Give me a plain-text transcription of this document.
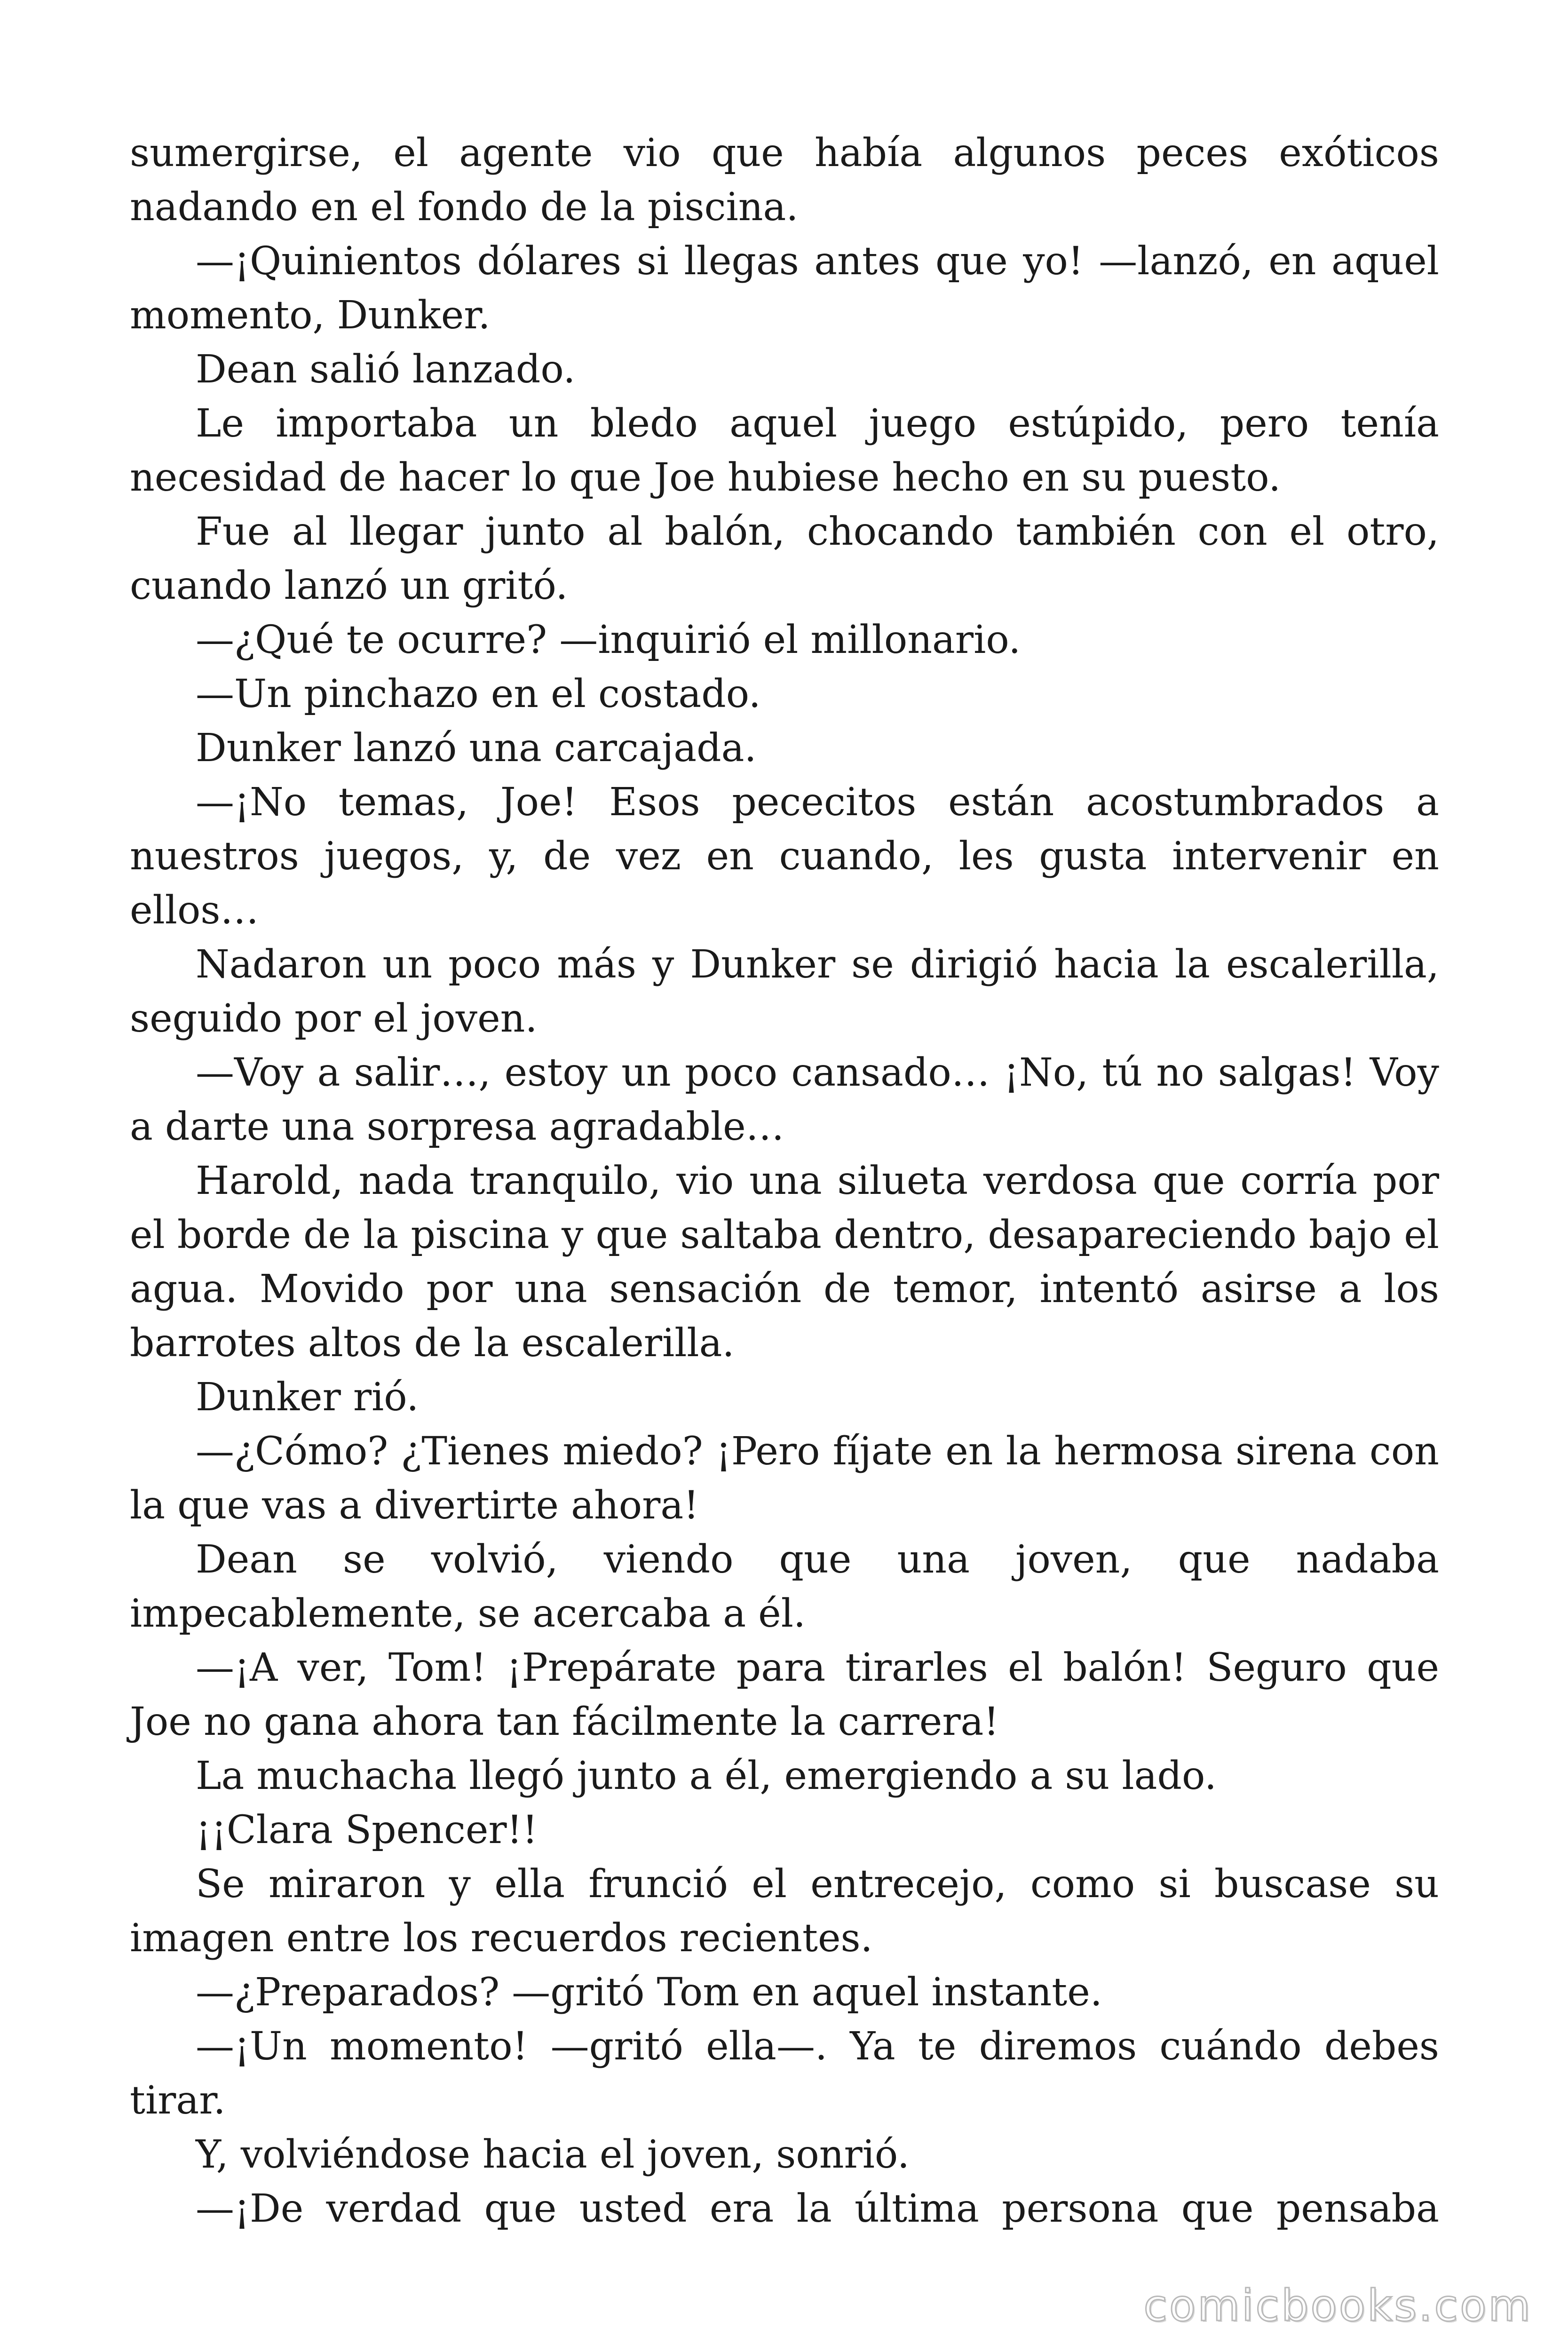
sumergirse, el agente vio que había algunos peces exóticos nadando en el fondo de la piscina.

—¡Quinientos dólares si llegas antes que yo! —lanzó, en aquel momento, Dunker.

Dean salió lanzado.

Le importaba un bledo aquel juego estúpido, pero tenía necesidad de hacer lo que Joe hubiese hecho en su puesto.

Fue al llegar junto al balón, chocando también con el otro, cuando lanzó un gritó.

—¿Qué te ocurre? —inquirió el millonario.

—Un pinchazo en el costado.

Dunker lanzó una carcajada.

—¡No temas, Joe! Esos pececitos están acostumbrados a nuestros juegos, y, de vez en cuando, les gusta intervenir en ellos…

Nadaron un poco más y Dunker se dirigió hacia la escalerilla, seguido por el joven.

—Voy a salir…, estoy un poco cansado… ¡No, tú no salgas! Voy a darte una sorpresa agradable…

Harold, nada tranquilo, vio una silueta verdosa que corría por el borde de la piscina y que saltaba dentro, desapareciendo bajo el agua. Movido por una sensación de temor, intentó asirse a los barrotes altos de la escalerilla.

Dunker rió.

—¿Cómo? ¿Tienes miedo? ¡Pero fíjate en la hermosa sirena con la que vas a divertirte ahora!

Dean se volvió, viendo que una joven, que nadaba impecablemente, se acercaba a él.

—¡A ver, Tom! ¡Prepárate para tirarles el balón! Seguro que Joe no gana ahora tan fácilmente la carrera!

La muchacha llegó junto a él, emergiendo a su lado.

¡¡Clara Spencer!!

Se miraron y ella frunció el entrecejo, como si buscase su imagen entre los recuerdos recientes.

—¿Preparados? —gritó Tom en aquel instante.

—¡Un momento! —gritó ella—. Ya te diremos cuándo debes tirar.

Y, volviéndose hacia el joven, sonrió.

—¡De verdad que usted era la última persona que pensaba

comicbooks.com
